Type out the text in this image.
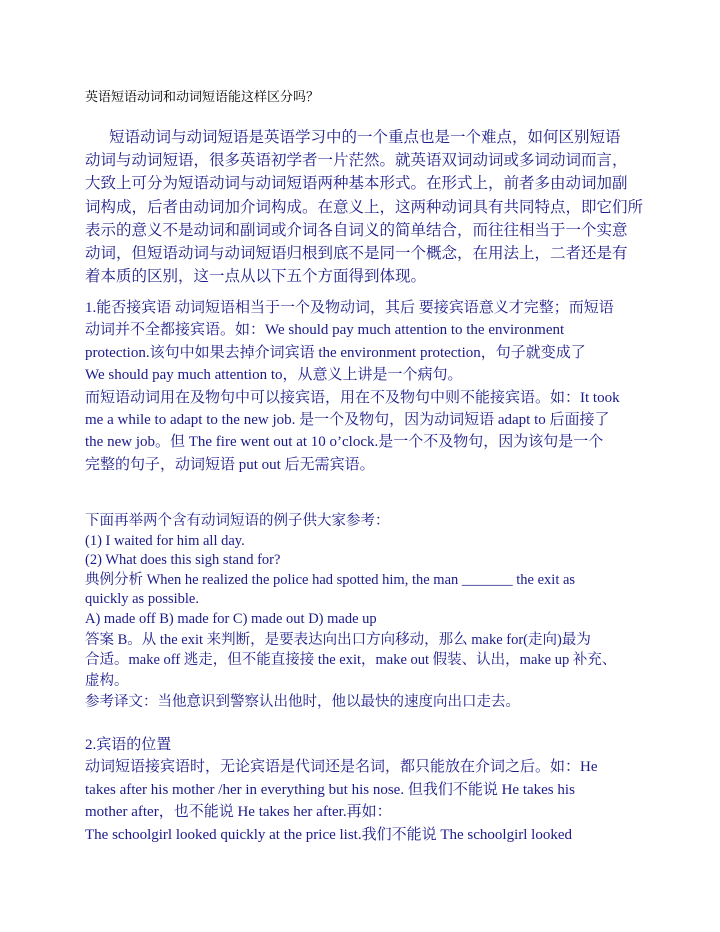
英语短语动词和动词短语能这样区分吗？
短语动词与动词短语是英语学习中的一个重点也是一个难点，如何区别短语
动词与动词短语，很多英语初学者一片茫然。就英语双词动词或多词动词而言，
大致上可分为短语动词与动词短语两种基本形式。在形式上，前者多由动词加副
词构成，后者由动词加介词构成。在意义上，这两种动词具有共同特点，即它们所
表示的意义不是动词和副词或介词各自词义的简单结合，而往往相当于一个实意
动词，但短语动词与动词短语归根到底不是同一个概念，在用法上，二者还是有
着本质的区别，这一点从以下五个方面得到体现。
1.能否接宾语 动词短语相当于一个及物动词，其后 要接宾语意义才完整；而短语
动词并不全都接宾语。如：We should pay much attention to the environment
protection.该句中如果去掉介词宾语 the environment protection，句子就变成了
We should pay much attention to，从意义上讲是一个病句。
而短语动词用在及物句中可以接宾语，用在不及物句中则不能接宾语。如：It took
me a while to adapt to the new job. 是一个及物句，因为动词短语 adapt to 后面接了
the new job。但 The fire went out at 10 o’clock.是一个不及物句，因为该句是一个
完整的句子，动词短语 put out 后无需宾语。
下面再举两个含有动词短语的例子供大家参考：
(1) I waited for him all day.
(2) What does this sigh stand for?
典例分析 When he realized the police had spotted him, the man _______ the exit as
quickly as possible.
A) made off B) made for C) made out D) made up
答案 B。从 the exit 来判断，是要表达向出口方向移动，那么 make for(走向)最为
合适。make off 逃走，但不能直接接 the exit，make out 假装、认出，make up 补充、
虚构。
参考译文：当他意识到警察认出他时，他以最快的速度向出口走去。
2.宾语的位置
动词短语接宾语时，无论宾语是代词还是名词，都只能放在介词之后。如：He
takes after his mother /her in everything but his nose. 但我们不能说 He takes his
mother after，也不能说 He takes her after.再如：
The schoolgirl looked quickly at the price list.我们不能说 The schoolgirl looked
